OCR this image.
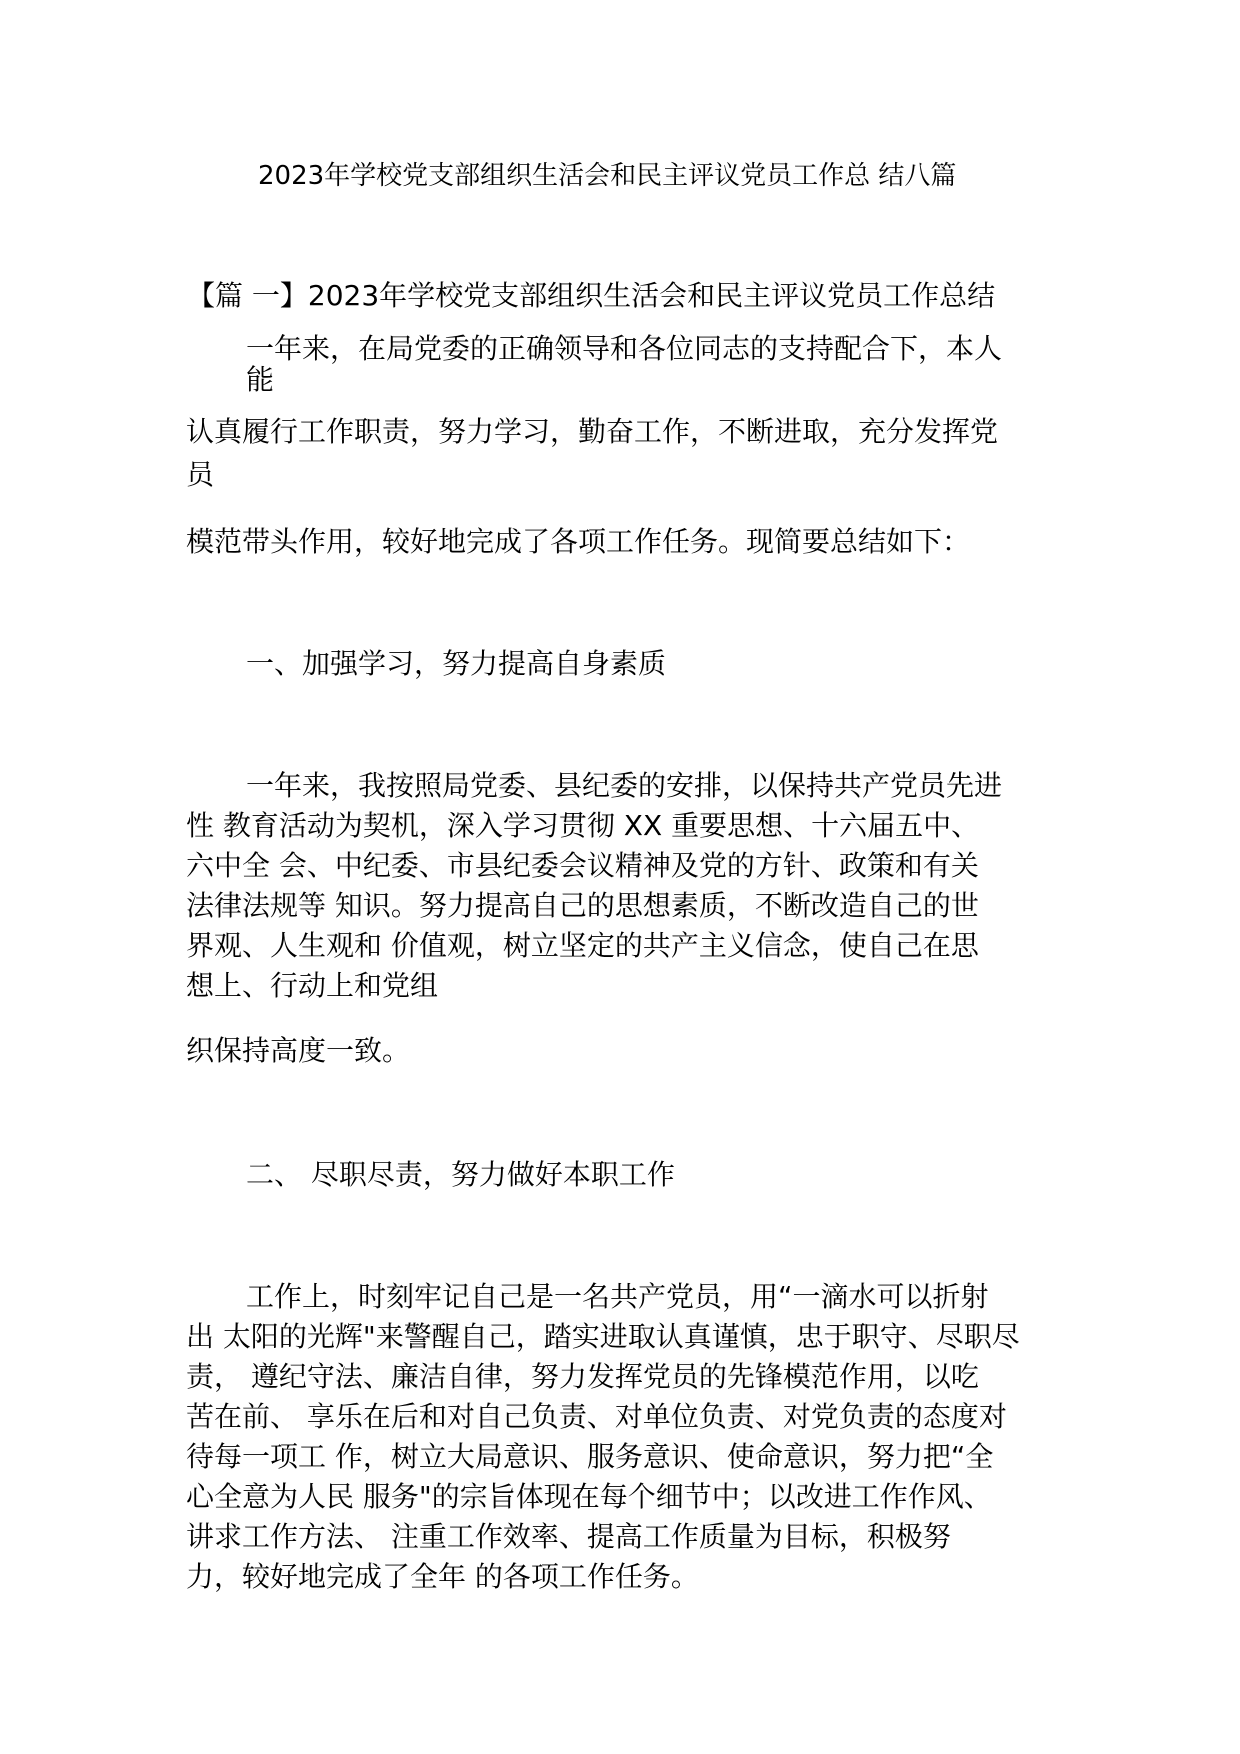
2023年学校党支部组织生活会和民主评议党员工作总 结八篇
【篇 一】2023年学校党支部组织生活会和民主评议党员工作总结
一年来，在局党委的正确领导和各位同志的支持配合下，本人
能
认真履行工作职责，努力学习，勤奋工作，不断进取，充分发挥党
员
模范带头作用，较好地完成了各项工作任务。现简要总结如下：
一、加强学习，努力提高自身素质
一年来，我按照局党委、县纪委的安排，以保持共产党员先进
性 教育活动为契机，深入学习贯彻 XX 重要思想、十六届五中、
六中全 会、中纪委、市县纪委会议精神及党的方针、政策和有关
法律法规等 知识。努力提高自己的思想素质，不断改造自己的世
界观、人生观和 价值观，树立坚定的共产主义信念，使自己在思
想上、行动上和党组
织保持高度一致。
二、 尽职尽责，努力做好本职工作
工作上，时刻牢记自己是一名共产党员，用“一滴水可以折射
出 太阳的光辉"来警醒自己，踏实进取认真谨慎，忠于职守、尽职尽
责， 遵纪守法、廉洁自律，努力发挥党员的先锋模范作用，以吃
苦在前、 享乐在后和对自己负责、对单位负责、对党负责的态度对
待每一项工 作，树立大局意识、服务意识、使命意识，努力把“全
心全意为人民 服务"的宗旨体现在每个细节中；以改进工作作风、
讲求工作方法、 注重工作效率、提高工作质量为目标，积极努
力，较好地完成了全年 的各项工作任务。
